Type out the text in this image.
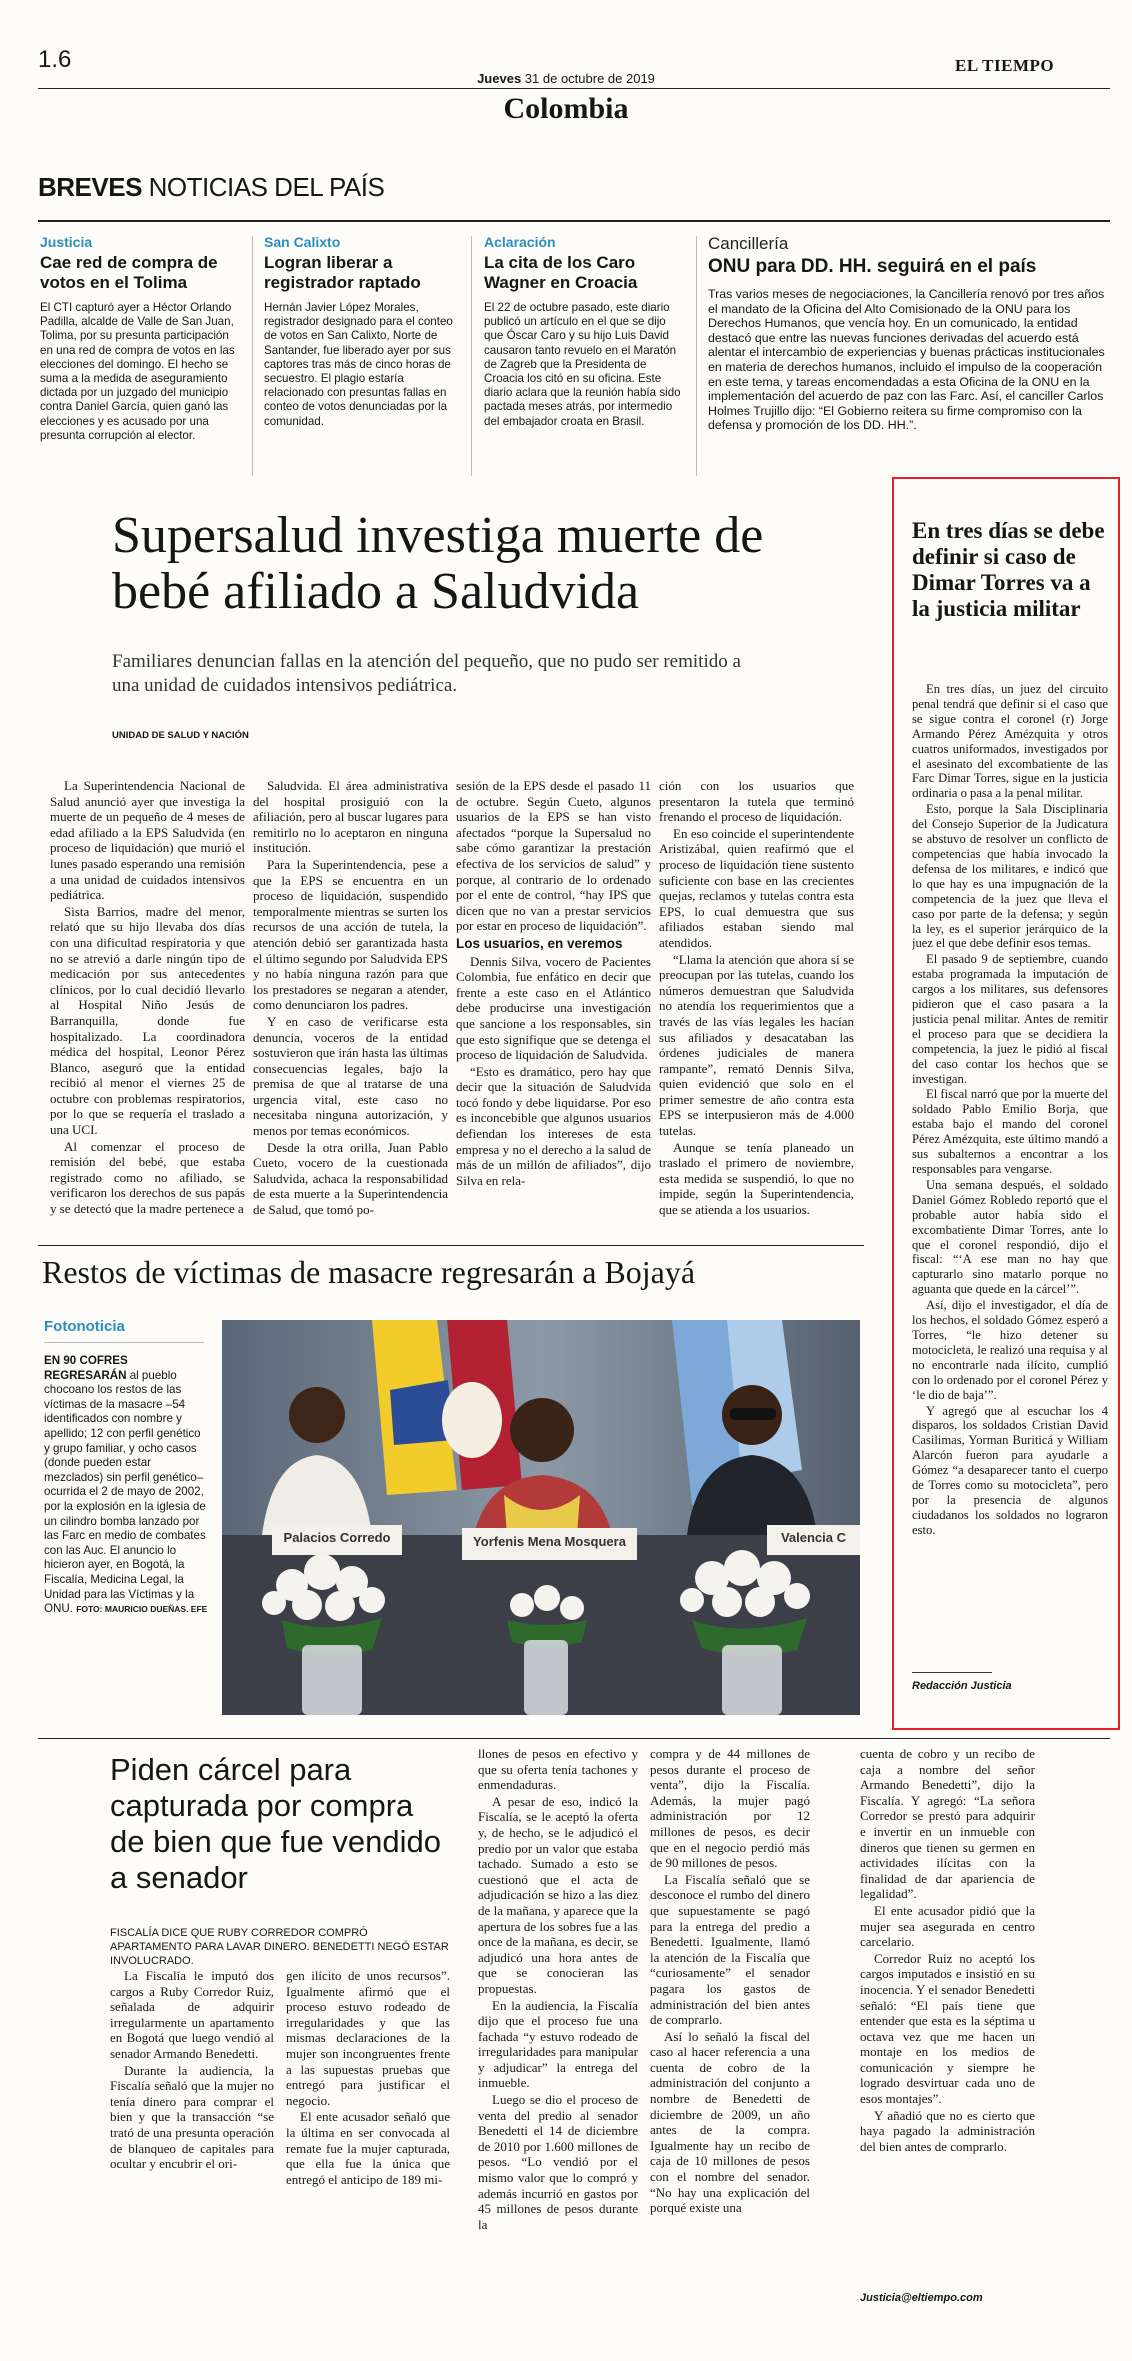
1.6	EL TIEMPO
Jueves 31 de octubre de 2019
Colombia
BREVES NOTICIAS DEL PAÍS
Justicia
Cae red de compra de votos en el Tolima
El CTI capturó ayer a Héctor Orlando Padilla, alcalde de Valle de San Juan, Tolima, por su presunta participación en una red de compra de votos en las elecciones del domingo. El hecho se suma a la medida de aseguramiento dictada por un juzgado del municipio contra Daniel García, quien ganó las elecciones y es acusado por una presunta corrupción al elector.
San Calixto
Logran liberar a registrador raptado
Hernán Javier López Morales, registrador designado para el conteo de votos en San Calixto, Norte de Santander, fue liberado ayer por sus captores tras más de cinco horas de secuestro. El plagio estaría relacionado con presuntas fallas en conteo de votos denunciadas por la comunidad.
Aclaración
La cita de los Caro Wagner en Croacia
El 22 de octubre pasado, este diario publicó un artículo en el que se dijo que Óscar Caro y su hijo Luis David causaron tanto revuelo en el Maratón de Zagreb que la Presidenta de Croacia los citó en su oficina. Este diario aclara que la reunión había sido pactada meses atrás, por intermedio del embajador croata en Brasil.
Cancillería
ONU para DD. HH. seguirá en el país
Tras varios meses de negociaciones, la Cancillería renovó por tres años el mandato de la Oficina del Alto Comisionado de la ONU para los Derechos Humanos, que vencía hoy. En un comunicado, la entidad destacó que entre las nuevas funciones derivadas del acuerdo está alentar el intercambio de experiencias y buenas prácticas institucionales en materia de derechos humanos, incluido el impulso de la cooperación en este tema, y tareas encomendadas a esta Oficina de la ONU en la implementación del acuerdo de paz con las Farc. Así, el canciller Carlos Holmes Trujillo dijo: “El Gobierno reitera su firme compromiso con la defensa y promoción de los DD. HH.”.
Supersalud investiga muerte de bebé afiliado a Saludvida
Familiares denuncian fallas en la atención del pequeño, que no pudo ser remitido a una unidad de cuidados intensivos pediátrica.
UNIDAD DE SALUD Y NACIÓN

La Superintendencia Nacional de Salud anunció ayer que investiga la muerte de un pequeño de 4 meses de edad afiliado a la EPS Saludvida (en proceso de liquidación) que murió el lunes pasado esperando una remisión a una unidad de cuidados intensivos pediátrica.

Sista Barrios, madre del menor, relató que su hijo llevaba dos días con una dificultad respiratoria y que no se atrevió a darle ningún tipo de medicación por sus antecedentes clínicos, por lo cual decidió llevarlo al Hospital Niño Jesús de Barranquilla, donde fue hospitalizado. La coordinadora médica del hospital, Leonor Pérez Blanco, aseguró que la entidad recibió al menor el viernes 25 de octubre con problemas respiratorios, por lo que se requería el traslado a una UCI.

Al comenzar el proceso de remisión del bebé, que estaba registrado como no afiliado, se verificaron los derechos de sus papás y se detectó que la madre pertenece a

Saludvida. El área administrativa del hospital prosiguió con la afiliación, pero al buscar lugares para remitirlo no lo aceptaron en ninguna institución.

Para la Superintendencia, pese a que la EPS se encuentra en un proceso de liquidación, suspendido temporalmente mientras se surten los recursos de una acción de tutela, la atención debió ser garantizada hasta el último segundo por Saludvida EPS y no había ninguna razón para que los prestadores se negaran a atender, como denunciaron los padres.

Y en caso de verificarse esta denuncia, voceros de la entidad sostuvieron que irán hasta las últimas consecuencias legales, bajo la premisa de que al tratarse de una urgencia vital, este caso no necesitaba ninguna autorización, y menos por temas económicos.

Desde la otra orilla, Juan Pablo Cueto, vocero de la cuestionada Saludvida, achaca la responsabilidad de esta muerte a la Superintendencia de Salud, que tomó po-

sesión de la EPS desde el pasado 11 de octubre. Según Cueto, algunos usuarios de la EPS se han visto afectados “porque la Supersalud no sabe cómo garantizar la prestación efectiva de los servicios de salud” y porque, al contrario de lo ordenado por el ente de control, “hay IPS que dicen que no van a prestar servicios por estar en proceso de liquidación”.

Los usuarios, en veremos

Dennis Silva, vocero de Pacientes Colombia, fue enfático en decir que frente a este caso en el Atlántico debe producirse una investigación que sancione a los responsables, sin que esto signifique que se detenga el proceso de liquidación de Saludvida.

“Esto es dramático, pero hay que decir que la situación de Saludvida tocó fondo y debe liquidarse. Por eso es inconcebible que algunos usuarios defiendan los intereses de esta empresa y no el derecho a la salud de más de un millón de afiliados”, dijo Silva en rela-

ción con los usuarios que presentaron la tutela que terminó frenando el proceso de liquidación.

En eso coincide el superintendente Aristizábal, quien reafirmó que el proceso de liquidación tiene sustento suficiente con base en las crecientes quejas, reclamos y tutelas contra esta EPS, lo cual demuestra que sus afiliados estaban siendo mal atendidos.

“Llama la atención que ahora sí se preocupan por las tutelas, cuando los números demuestran que Saludvida no atendía los requerimientos que a través de las vías legales les hacían sus afiliados y desacataban las órdenes judiciales de manera rampante”, remató Dennis Silva, quien evidenció que solo en el primer semestre de año contra esta EPS se interpusieron más de 4.000 tutelas.

Aunque se tenía planeado un traslado el primero de noviembre, esta medida se suspendió, lo que no impide, según la Superintendencia, que se atienda a los usuarios.

En tres días se debe definir si caso de Dimar Torres va a la justicia militar

En tres días, un juez del circuito penal tendrá que definir si el caso que se sigue contra el coronel (r) Jorge Armando Pérez Amézquita y otros cuatros uniformados, investigados por el asesinato del excombatiente de las Farc Dimar Torres, sigue en la justicia ordinaria o pasa a la penal militar.

Esto, porque la Sala Disciplinaria del Consejo Superior de la Judicatura se abstuvo de resolver un conflicto de competencias que había invocado la defensa de los militares, e indicó que lo que hay es una impugnación de la competencia de la juez que lleva el caso por parte de la defensa; y según la ley, es el superior jerárquico de la juez el que debe definir esos temas.

El pasado 9 de septiembre, cuando estaba programada la imputación de cargos a los militares, sus defensores pidieron que el caso pasara a la justicia penal militar. Antes de remitir el proceso para que se decidiera la competencia, la juez le pidió al fiscal del caso contar los hechos que se investigan.

El fiscal narró que por la muerte del soldado Pablo Emilio Borja, que estaba bajo el mando del coronel Pérez Amézquita, este último mandó a sus subalternos a encontrar a los responsables para vengarse.

Una semana después, el soldado Daniel Gómez Robledo reportó que el probable autor había sido el excombatiente Dimar Torres, ante lo que el coronel respondió, dijo el fiscal: “‘A ese man no hay que capturarlo sino matarlo porque no aguanta que quede en la cárcel’”.

Así, dijo el investigador, el día de los hechos, el soldado Gómez esperó a Torres, “le hizo detener su motocicleta, le realizó una requisa y al no encontrarle nada ilícito, cumplió con lo ordenado por el coronel Pérez y ‘le dio de baja’”.

Y agregó que al escuchar los 4 disparos, los soldados Cristian David Casilimas, Yorman Buriticá y William Alarcón fueron para ayudarle a Gómez “a desaparecer tanto el cuerpo de Torres como su motocicleta”, pero por la presencia de algunos ciudadanos los soldados no lograron esto.

Redacción Justicia
Restos de víctimas de masacre regresarán a Bojayá
Fotonoticia
EN 90 COFRES REGRESARÁN al pueblo chocoano los restos de las víctimas de la masacre –54 identificados con nombre y apellido; 12 con perfil genético y grupo familiar, y ocho casos (donde pueden estar mezclados) sin perfil genético– ocurrida el 2 de mayo de 2002, por la explosión en la iglesia de un cilindro bomba lanzado por las Farc en medio de combates con las Auc. El anuncio lo hicieron ayer, en Bogotá, la Fiscalía, Medicina Legal, la Unidad para las Víctimas y la ONU. FOTO: MAURICIO DUEÑAS. EFE
Palacios Corredo	Yorfenis Mena Mosquera	Valencia C
Piden cárcel para capturada por compra de bien que fue vendido a senador
FISCALÍA DICE QUE RUBY CORREDOR COMPRÓ APARTAMENTO PARA LAVAR DINERO. BENEDETTI NEGÓ ESTAR INVOLUCRADO.

La Fiscalía le imputó dos cargos a Ruby Corredor Ruiz, señalada de adquirir irregularmente un apartamento en Bogotá que luego vendió al senador Armando Benedetti.

Durante la audiencia, la Fiscalía señaló que la mujer no tenía dinero para comprar el bien y que la transacción “se trató de una presunta operación de blanqueo de capitales para ocultar y encubrir el ori-

gen ilícito de unos recursos”. Igualmente afirmó que el proceso estuvo rodeado de irregularidades y que las mismas declaraciones de la mujer son incongruentes frente a las supuestas pruebas que entregó para justificar el negocio.

El ente acusador señaló que la última en ser convocada al remate fue la mujer capturada, que ella fue la única que entregó el anticipo de 189 mi-

llones de pesos en efectivo y que su oferta tenía tachones y enmendaduras.

A pesar de eso, indicó la Fiscalía, se le aceptó la oferta y, de hecho, se le adjudicó el predio por un valor que estaba tachado. Sumado a esto se cuestionó que el acta de adjudicación se hizo a las diez de la mañana, y aparece que la apertura de los sobres fue a las once de la mañana, es decir, se adjudicó una hora antes de que se conocieran las propuestas.

En la audiencia, la Fiscalía dijo que el proceso fue una fachada “y estuvo rodeado de irregularidades para manipular y adjudicar” la entrega del inmueble.

Luego se dio el proceso de venta del predio al senador Benedetti el 14 de diciembre de 2010 por 1.600 millones de pesos. “Lo vendió por el mismo valor que lo compró y además incurrió en gastos por 45 millones de pesos durante la

compra y de 44 millones de pesos durante el proceso de venta”, dijo la Fiscalía. Además, la mujer pagó administración por 12 millones de pesos, es decir que en el negocio perdió más de 90 millones de pesos.

La Fiscalía señaló que se desconoce el rumbo del dinero que supuestamente se pagó para la entrega del predio a Benedetti. Igualmente, llamó la atención de la Fiscalía que “curiosamente” el senador pagara los gastos de administración del bien antes de comprarlo.

Así lo señaló la fiscal del caso al hacer referencia a una cuenta de cobro de la administración del conjunto a nombre de Benedetti de diciembre de 2009, un año antes de la compra. Igualmente hay un recibo de caja de 10 millones de pesos con el nombre del senador. “No hay una explicación del porqué existe una

cuenta de cobro y un recibo de caja a nombre del señor Armando Benedetti”, dijo la Fiscalía. Y agregó: “La señora Corredor se prestó para adquirir e invertir en un inmueble con dineros que tienen su germen en actividades ilícitas con la finalidad de dar apariencia de legalidad”.

El ente acusador pidió que la mujer sea asegurada en centro carcelario.

Corredor Ruiz no aceptó los cargos imputados e insistió en su inocencia. Y el senador Benedetti señaló: “El país tiene que entender que esta es la séptima u octava vez que me hacen un montaje en los medios de comunicación y siempre he logrado desvirtuar cada uno de esos montajes”.

Y añadió que no es cierto que haya pagado la administración del bien antes de comprarlo.

Justicia@eltiempo.com
